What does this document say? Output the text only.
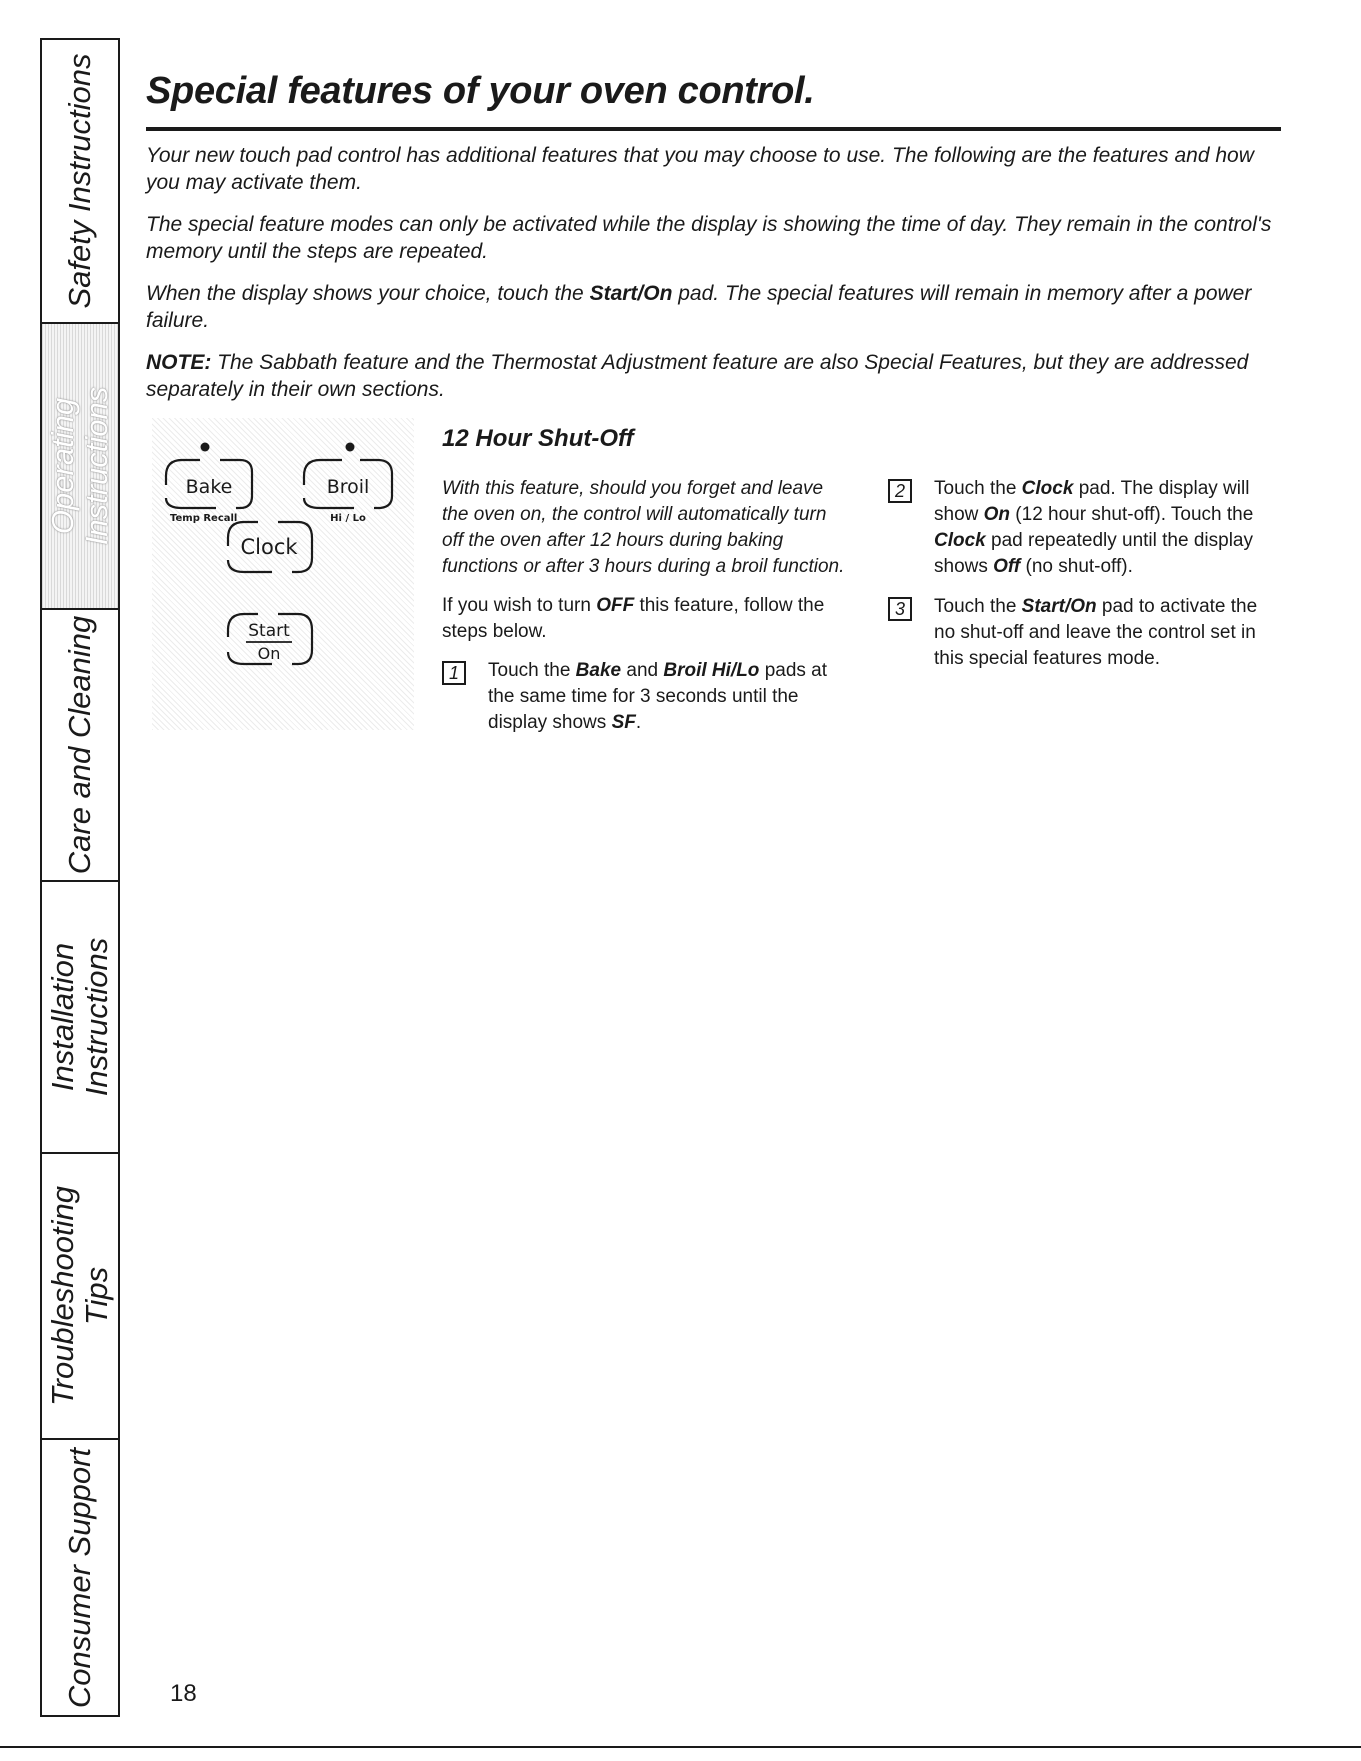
Safety Instructions
Operating
Instructions
Care and Cleaning
Installation
Instructions
Troubleshooting
Tips
Consumer Support
Special features of your oven control.

Your new touch pad control has additional features that you may choose to use. The following are the features and how you may activate them.

The special feature modes can only be activated while the display is showing the time of day. They remain in the control's memory until the steps are repeated.

When the display shows your choice, touch the Start/On pad. The special features will remain in memory after a power failure.

NOTE: The Sabbath feature and the Thermostat Adjustment feature are also Special Features, but they are addressed separately in their own sections.

Bake
Temp Recall
Broil
Hi / Lo
Clock
Start
On
12 Hour Shut-Off

With this feature, should you forget and leave the oven on, the control will automatically turn off the oven after 12 hours during baking functions or after 3 hours during a broil function.

If you wish to turn OFF this feature, follow the steps below.

1	Touch the Bake and Broil Hi/Lo pads at the same time for 3 seconds until the display shows SF.
2	Touch the Clock pad. The display will show On (12 hour shut-off). Touch the Clock pad repeatedly until the display shows Off (no shut-off).
3	Touch the Start/On pad to activate the no shut-off and leave the control set in this special features mode.
18
